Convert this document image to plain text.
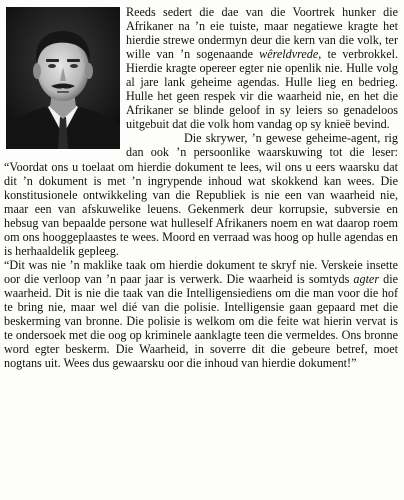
Reeds sedert die dae van die Voortrek hunker die Afrikaner na ’n eie tuiste, maar negatiewe kragte het hierdie strewe ondermyn deur die kern van die volk, ter wille van ’n sogenaande wêreldvrede, te verbrokkel. Hierdie kragte opereer egter nie openlik nie. Hulle volg al jare lank geheime agendas. Hulle lieg en bedrieg. Hulle het geen respek vir die waarheid nie, en het die Afrikaner se blinde geloof in sy leiers so genadeloos uitgebuit dat die volk hom vandag op sy knieë bevind.

Die skrywer, ’n gewese geheime-agent, rig dan ook ’n persoonlike waarskuwing tot die leser: “Voordat ons u toelaat om hierdie dokument te lees, wil ons u eers waarsku dat dit ’n dokument is met ’n ingrypende inhoud wat skokkend kan wees. Die konstitusionele ontwikkeling van die Republiek is nie een van waarheid nie, maar een van afskuwelike leuens. Gekenmerk deur korrupsie, subversie en hebsug van bepaalde persone wat hulleself Afrikaners noem en wat daarop roem om ons hooggeplaastes te wees. Moord en verraad was hoog op hulle agendas en is herhaaldelik gepleeg.

“Dit was nie ’n maklike taak om hierdie dokument te skryf nie. Verskeie insette oor die verloop van ’n paar jaar is verwerk. Die waarheid is somtyds agter die waarheid. Dit is nie die taak van die Intelligensiediens om die man voor die hof te bring nie, maar wel dié van die polisie. Intelligensie gaan gepaard met die beskerming van bronne. Die polisie is welkom om die feite wat hierin vervat is te ondersoek met die oog op kriminele aanklagte teen die vermeldes. Ons bronne word egter beskerm. Die Waarheid, in soverre dit die gebeure betref, moet nogtans uit. Wees dus gewaarsku oor die inhoud van hierdie dokument!”
